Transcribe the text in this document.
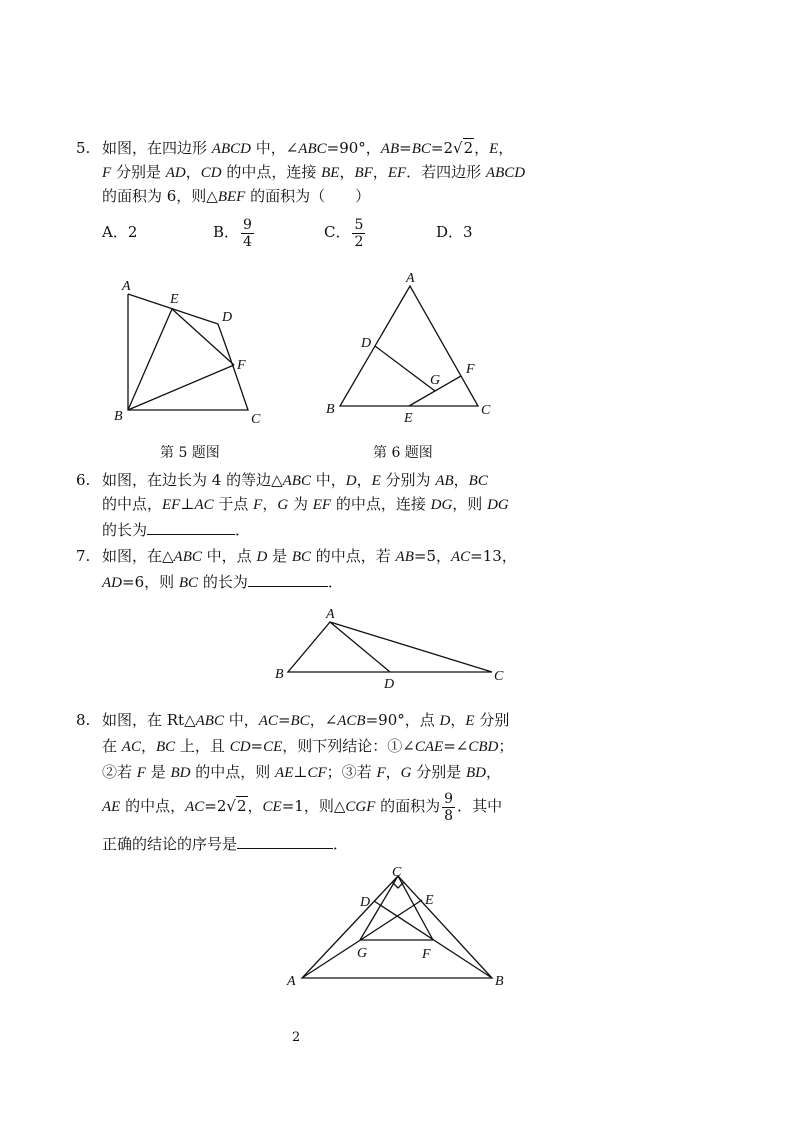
5. 如图，在四边形 ABCD 中，∠ABC=90°，AB=BC=2√2，E，
F 分别是 AD，CD 的中点，连接 BE，BF，EF．若四边形 ABCD
的面积为 6，则△BEF 的面积为（　　）
A．2	B． $\frac{9}{4}$	C． $\frac{5}{2}$	D．3
A
E
D
F
B	C
第 5 题图
A
D
G
F
B
E
C
第 6 题图
6. 如图，在边长为 4 的等边△ABC 中，D，E 分别为 AB，BC
的中点，EF⊥AC 于点 F，G 为 EF 的中点，连接 DG，则 DG
的长为	．
7. 如图，在△ABC 中，点 D 是 BC 的中点，若 AB=5，AC=13，
AD=6，则 BC 的长为	．
A
B
D
C
8. 如图，在 Rt△ABC 中，AC=BC，∠ACB=90°，点 D，E 分别
在 AC，BC 上，且 CD=CE，则下列结论：①∠CAE=∠CBD；
②若 F 是 BD 的中点，则 AE⊥CF；③若 F，G 分别是 BD，
AE 的中点，AC=2√2，CE=1，则△CGF 的面积为 $\frac{9}{8}$ ．其中
正确的结论的序号是	．
C
D	E
G	F
A	B
2
